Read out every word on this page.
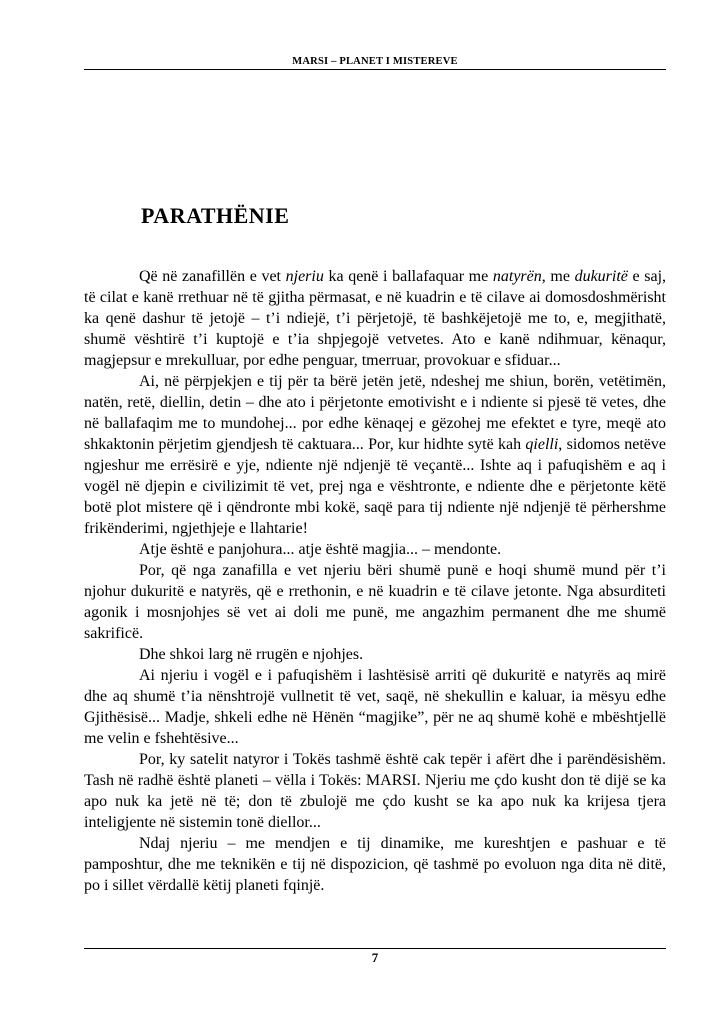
MARSI – PLANET I MISTEREVE
PARATHËNIE

Që në zanafillën e vet njeriu ka qenë i ballafaquar me natyrën, me dukuritë e saj, të cilat e kanë rrethuar në të gjitha përmasat, e në kuadrin e të cilave ai domosdoshmërisht ka qenë dashur të jetojë – t’i ndiejë, t’i përjetojë, të bashkëjetojë me to, e, megjithatë, shumë vështirë t’i kuptojë e t’ia shpjegojë vetvetes. Ato e kanë ndihmuar, kënaqur, magjepsur e mrekulluar, por edhe penguar, tmerruar, provokuar e sfiduar...

Ai, në përpjekjen e tij për ta bërë jetën jetë, ndeshej me shiun, borën, vetëtimën, natën, retë, diellin, detin – dhe ato i përjetonte emotivisht e i ndiente si pjesë të vetes, dhe në ballafaqim me to mundohej... por edhe kënaqej e gëzohej me efektet e tyre, meqë ato shkaktonin përjetim gjendjesh të caktuara... Por, kur hidhte sytë kah qielli, sidomos netëve ngjeshur me errësirë e yje, ndiente një ndjenjë të veçantë... Ishte aq i pafuqishëm e aq i vogël në djepin e civilizimit të vet, prej nga e vështronte, e ndiente dhe e përjetonte këtë botë plot mistere që i qëndronte mbi kokë, saqë para tij ndiente një ndjenjë të përhershme frikënderimi, ngjethjeje e llahtarie!

Atje është e panjohura... atje është magjia... – mendonte.

Por, që nga zanafilla e vet njeriu bëri shumë punë e hoqi shumë mund për t’i njohur dukuritë e natyrës, që e rrethonin, e në kuadrin e të cilave jetonte. Nga absurditeti agonik i mosnjohjes së vet ai doli me punë, me angazhim permanent dhe me shumë sakrificë.

Dhe shkoi larg në rrugën e njohjes.

Ai njeriu i vogël e i pafuqishëm i lashtësisë arriti që dukuritë e natyrës aq mirë dhe aq shumë t’ia nënshtrojë vullnetit të vet, saqë, në shekullin e kaluar, ia mësyu edhe Gjithësisë... Madje, shkeli edhe në Hënën “magjike”, për ne aq shumë kohë e mbështjellë me velin e fshehtësive...

Por, ky satelit natyror i Tokës tashmë është cak tepër i afërt dhe i parëndësishëm. Tash në radhë është planeti – vëlla i Tokës: MARSI. Njeriu me çdo kusht don të dijë se ka apo nuk ka jetë në të; don të zbulojë me çdo kusht se ka apo nuk ka krijesa tjera inteligjente në sistemin tonë diellor...

Ndaj njeriu – me mendjen e tij dinamike, me kureshtjen e pashuar e të pamposhtur, dhe me teknikën e tij në dispozicion, që tashmë po evoluon nga dita në ditë, po i sillet vërdallë këtij planeti fqinjë.

7
